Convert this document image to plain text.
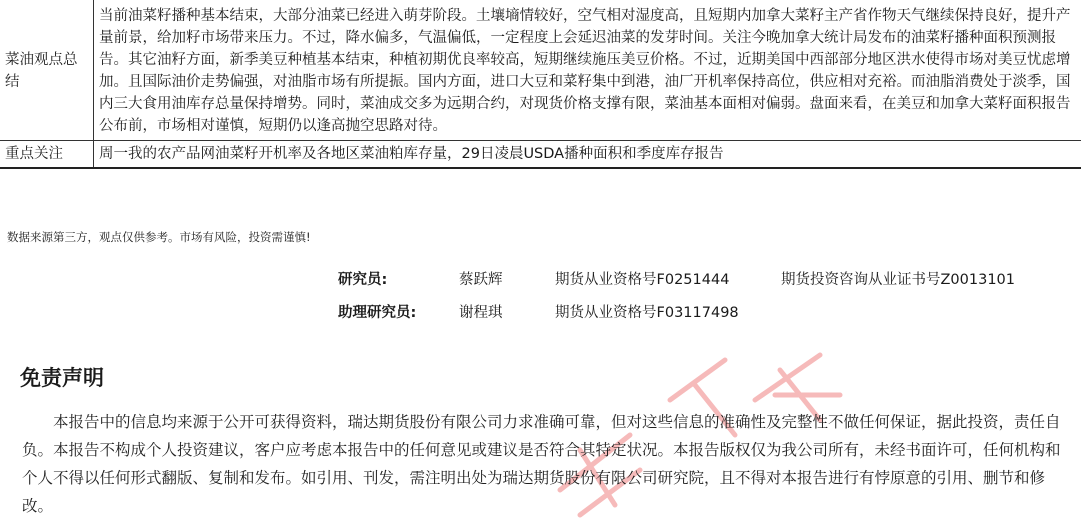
菜油观点总结	当前油菜籽播种基本结束，大部分油菜已经进入萌芽阶段。土壤墒情较好，空气相对湿度高，且短期内加拿大菜籽主产省作物天气继续保持良好，提升产量前景，给加籽市场带来压力。不过，降水偏多，气温偏低，一定程度上会延迟油菜的发芽时间。关注今晚加拿大统计局发布的油菜籽播种面积预测报告。其它油籽方面，新季美豆种植基本结束，种植初期优良率较高，短期继续施压美豆价格。不过，近期美国中西部部分地区洪水使得市场对美豆忧虑增加。且国际油价走势偏强，对油脂市场有所提振。国内方面，进口大豆和菜籽集中到港，油厂开机率保持高位，供应相对充裕。而油脂消费处于淡季，国内三大食用油库存总量保持增势。同时，菜油成交多为远期合约，对现货价格支撑有限，菜油基本面相对偏弱。盘面来看，在美豆和加拿大菜籽面积报告公布前，市场相对谨慎，短期仍以逢高抛空思路对待。
重点关注	周一我的农产品网油菜籽开机率及各地区菜油粕库存量，29日凌晨USDA播种面积和季度库存报告
数据来源第三方，观点仅供参考。市场有风险，投资需谨慎!
研究员:	蔡跃辉	期货从业资格号F0251444	期货投资咨询从业证书号Z0013101
助理研究员:	谢程琪	期货从业资格号F03117498
免责声明

本报告中的信息均来源于公开可获得资料，瑞达期货股份有限公司力求准确可靠，但对这些信息的准确性及完整性不做任何保证，据此投资，责任自负。本报告不构成个人投资建议，客户应考虑本报告中的任何意见或建议是否符合其特定状况。本报告版权仅为我公司所有，未经书面许可，任何机构和个人不得以任何形式翻版、复制和发布。如引用、刊发，需注明出处为瑞达期货股份有限公司研究院，且不得对本报告进行有悖原意的引用、删节和修改。
